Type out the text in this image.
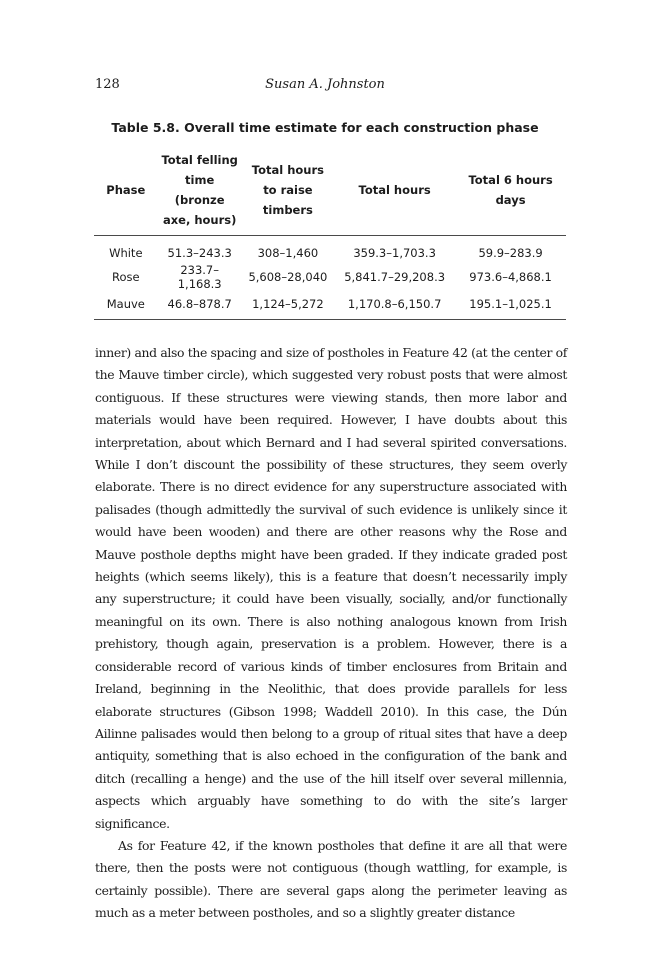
128	Susan A. Johnston
Table 5.8. Overall time estimate for each construction phase
Phase	Total felling time (bronze axe, hours)	Total hours to raise timbers	Total hours	Total 6 hours days
White	51.3–243.3	308–1,460	359.3–1,703.3	59.9–283.9
Rose	233.7–1,168.3	5,608–28,040	5,841.7–29,208.3	973.6–4,868.1
Mauve	46.8–878.7	1,124–5,272	1,170.8–6,150.7	195.1–1,025.1

inner) and also the spacing and size of postholes in Feature 42 (at the center of the Mauve timber circle), which suggested very robust posts that were almost contiguous. If these structures were viewing stands, then more labor and materials would have been required. However, I have doubts about this interpretation, about which Bernard and I had several spirited conversations. While I don’t discount the possibility of these structures, they seem overly elaborate. There is no direct evidence for any superstructure associated with palisades (though admittedly the survival of such evidence is unlikely since it would have been wooden) and there are other reasons why the Rose and Mauve posthole depths might have been graded. If they indicate graded post heights (which seems likely), this is a feature that doesn’t necessarily imply any superstructure; it could have been visually, socially, and/or functionally meaningful on its own. There is also nothing analogous known from Irish prehistory, though again, preservation is a problem. However, there is a considerable record of various kinds of timber enclosures from Britain and Ireland, beginning in the Neolithic, that does provide parallels for less elaborate structures (Gibson 1998; Waddell 2010). In this case, the Dún Ailinne palisades would then belong to a group of ritual sites that have a deep antiquity, something that is also echoed in the configuration of the bank and ditch (recalling a henge) and the use of the hill itself over several millennia, aspects which arguably have something to do with the site’s larger significance.

As for Feature 42, if the known postholes that define it are all that were there, then the posts were not contiguous (though wattling, for example, is certainly possible). There are several gaps along the perimeter leaving as much as a meter between postholes, and so a slightly greater distance
